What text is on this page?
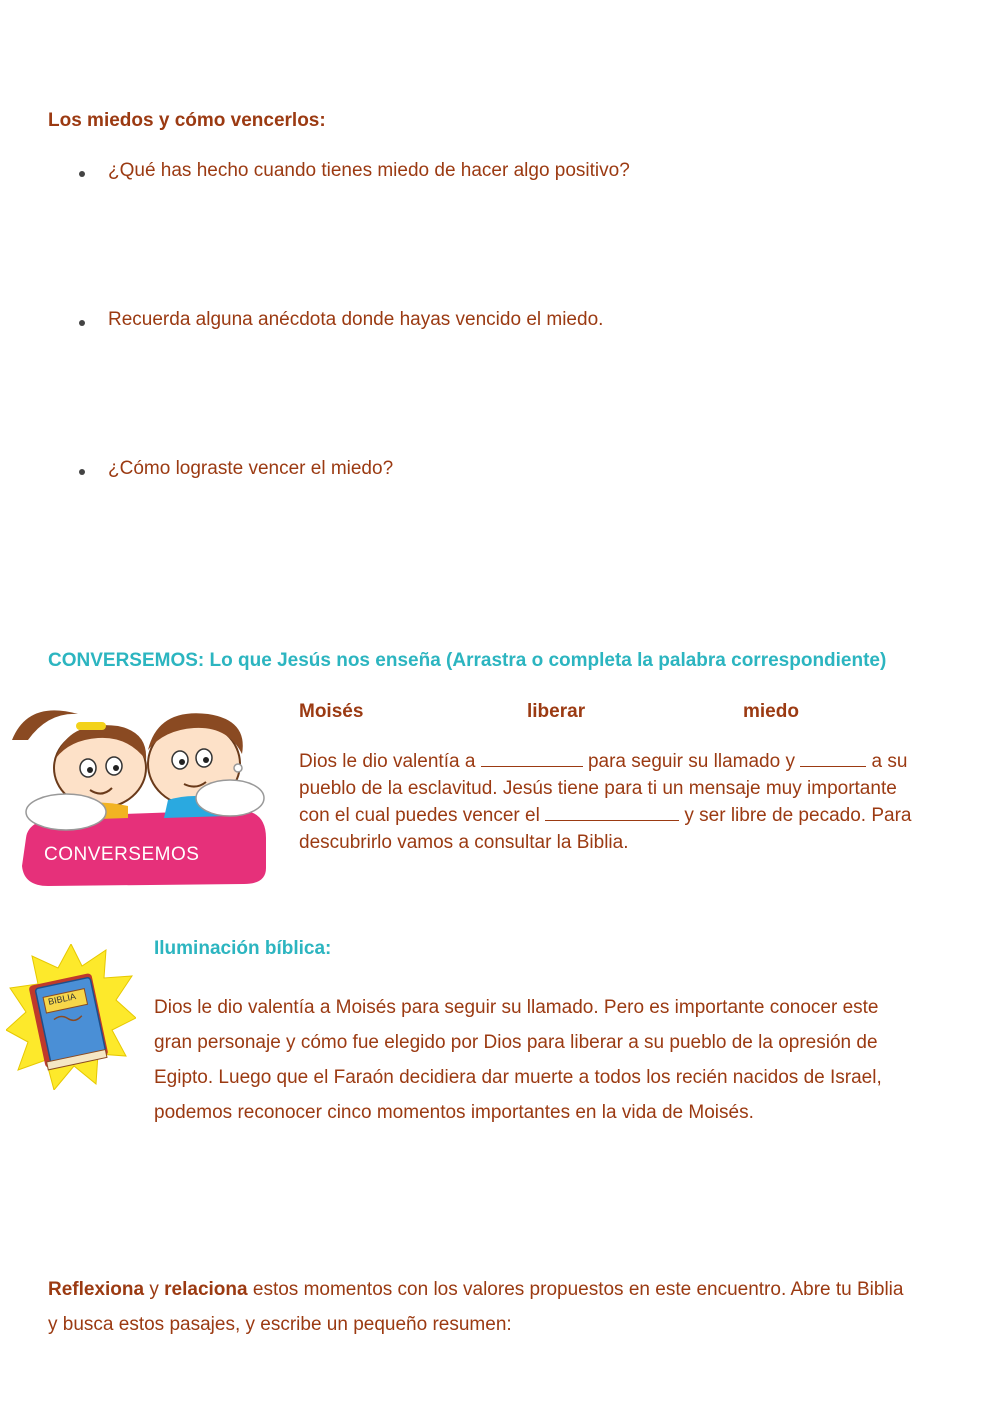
Los miedos y cómo vencerlos:
¿Qué has hecho cuando tienes miedo de hacer algo positivo?
Recuerda alguna anécdota donde hayas vencido el miedo.
¿Cómo lograste vencer el miedo?
CONVERSEMOS: Lo que Jesús nos enseña (Arrastra o completa la palabra correspondiente)
CONVERSEMOS
Moisés	liberar	miedo
Dios le dio valentía a	para seguir su llamado y	a su
pueblo de la esclavitud. Jesús tiene para ti un mensaje muy importante
con el cual puedes vencer el	y ser libre de pecado. Para
descubrirlo vamos a consultar la Biblia.
BIBLIA
Iluminación bíblica:
Dios le dio valentía a Moisés para seguir su llamado. Pero es importante conocer este
gran personaje y cómo fue elegido por Dios para liberar a su pueblo de la opresión de
Egipto. Luego que el Faraón decidiera dar muerte a todos los recién nacidos de Israel,
podemos reconocer cinco momentos importantes en la vida de Moisés.
Reflexiona y relaciona estos momentos con los valores propuestos en este encuentro. Abre tu Biblia
y busca estos pasajes, y escribe un pequeño resumen:
